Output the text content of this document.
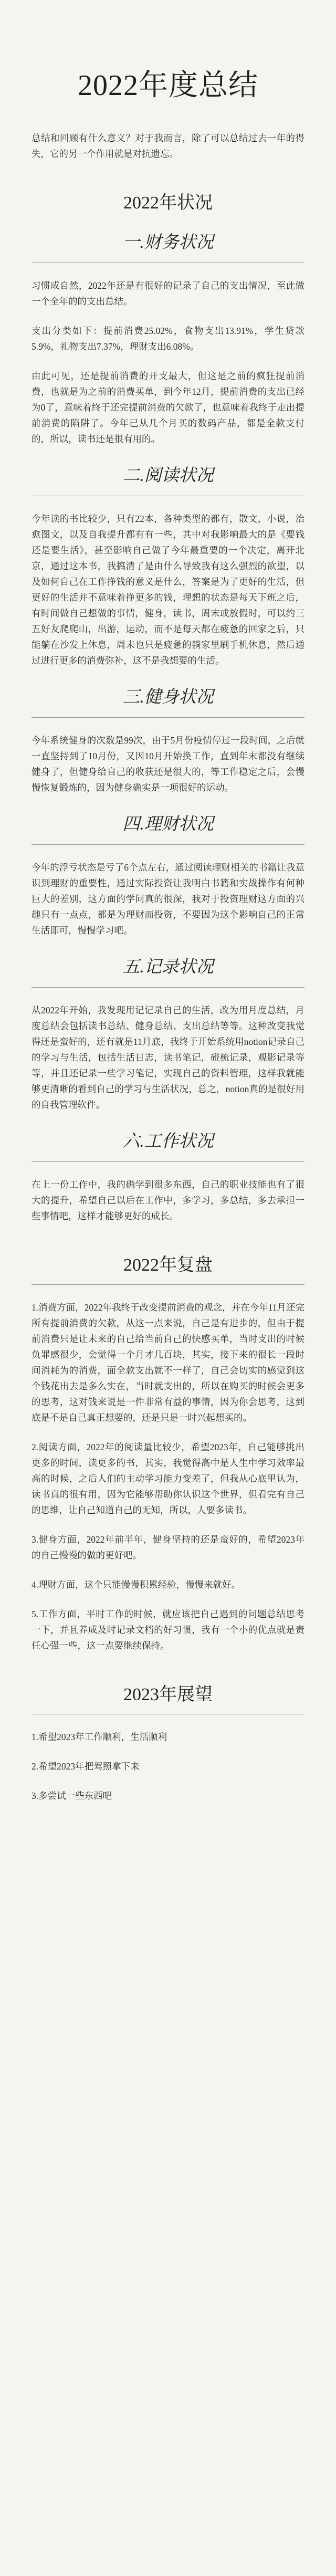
2022年度总结

总结和回顾有什么意义？对于我而言，除了可以总结过去一年的得失，它的另一个作用就是对抗遗忘。

2022年状况
一.财务状况

习惯成自然，2022年还是有很好的记录了自己的支出情况，至此做一个全年的的支出总结。

支出分类如下：提前消费25.02%，食物支出13.91%，学生贷款5.9%，礼物支出7.37%，理财支出6.08%。

由此可见，还是提前消费的开支最大，但这是之前的疯狂提前消费，也就是为之前的消费买单，到今年12月，提前消费的支出已经为0了，意味着终于还完提前消费的欠款了，也意味着我终于走出提前消费的陷阱了。今年已从几个月买的数码产品，都是全款支付的，所以，读书还是很有用的。

二.阅读状况

今年读的书比较少，只有22本，各种类型的都有，散文，小说，治愈图文，以及自我提升都有有一些，其中对我影响最大的是《要钱还是要生活》，甚至影响自己做了今年最重要的一个决定，离开北京，通过这本书，我搞清了是由什么导致我有这么强烈的欲望，以及如何自己在工作挣钱的意义是什么，答案是为了更好的生活，但更好的生活并不意味着挣更多的钱，理想的状态是每天下班之后，有时间做自己想做的事情，健身，读书，周末或放假时，可以约三五好友爬爬山，出游，运动，而不是每天都在疲惫的回家之后，只能躺在沙发上休息，周末也只是疲惫的躺家里刷手机休息，然后通过进行更多的消费弥补，这不是我想要的生活。

三.健身状况

今年系统健身的次数是99次，由于5月份疫情停过一段时间，之后就一直坚持到了10月份，又因10月开始换工作，直到年末都没有继续健身了，但健身给自己的收获还是很大的，等工作稳定之后，会慢慢恢复锻炼的，因为健身确实是一项很好的运动。

四.理财状况

今年的浮亏状态是亏了6个点左右，通过阅读理财相关的书籍让我意识到理财的重要性，通过实际投资让我明白书籍和实战操作有何种巨大的差别，这方面的学问真的很深，我对于投资理财这方面的兴趣只有一点点，都是为理财而投资，不要因为这个影响自己的正常生活即可，慢慢学习吧。

五.记录状况

从2022年开始，我发现用记记录自己的生活，改为用月度总结，月度总结会包括读书总结、健身总结、支出总结等等。这种改变我觉得还是蛮好的，还有就是11月底，我终于开始系统用notion记录自己的学习与生活，包括生活日志，读书笔记，碰梳记录，观影记录等等，并且还记录一些学习笔记，实现自己的资料管理，这样我就能够更清晰的看到自己的学习与生活状况，总之，notion真的是很好用的自我管理软件。

六.工作状况

在上一份工作中，我的确学到很多东西，自己的职业技能也有了很大的提升，希望自己以后在工作中，多学习，多总结，多去承担一些事情吧，这样才能够更好的成长。

2022年复盘

1.消费方面，2022年我终于改变提前消费的观念，并在今年11月还完所有提前消费的欠款，从这一点来说，自己是有进步的，但由于提前消费只是让未来的自己给当前自己的快感买单，当时支出的时候负罪感很少，会觉得一个月才几百块，其实，接下来的很长一段时间消耗为的消费，面全款支出就不一样了，自己会切实的感觉到这个钱花出去是多么实在，当时就支出的，所以在购买的时候会更多的思考，这对钱来说是一件非常有益的事情，因为你会思考，这到底是不是自己真正想要的，还是只是一时兴起想买的。

2.阅读方面，2022年的阅读量比较少，希望2023年，自己能够挑出更多的时间，读更多的书，其实，我觉得高中是人生中学习效率最高的时候，之后人们的主动学习能力变差了，但我从心底里认为，读书真的很有用，因为它能够帮助你认识这个世界，但看完有自己的思维，让自己知道自己的无知，所以，人要多读书。

3.健身方面，2022年前半年，健身坚持的还是蛮好的，希望2023年的自己慢慢的做的更好吧。

4.理财方面，这个只能慢慢积累经验，慢慢来就好。

5.工作方面，平时工作的时候，就应该把自己遇到的问题总结思考一下，并且养成及时记录文档的好习惯，我有一个小的优点就是责任心强一些，这一点要继续保持。

2023年展望
1.希望2023年工作顺利，生活顺利
2.希望2023年把驾照拿下来
3.多尝试一些东西吧
